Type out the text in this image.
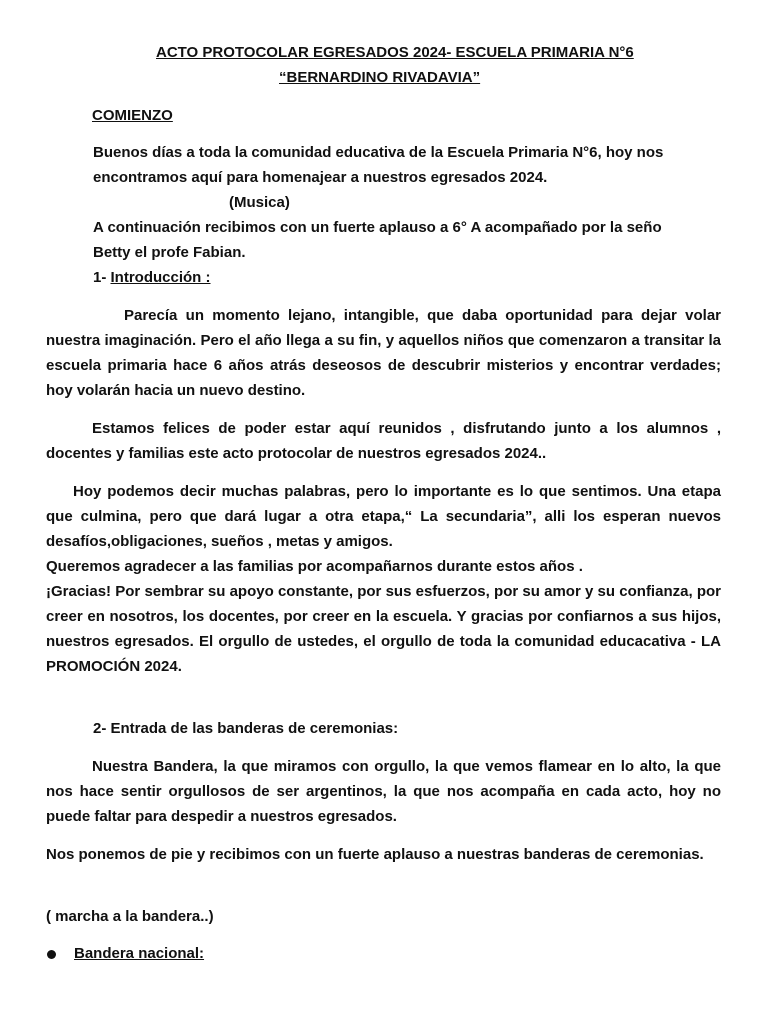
ACTO PROTOCOLAR EGRESADOS 2024- ESCUELA PRIMARIA N°6

“BERNARDINO RIVADAVIA”

COMIENZO

Buenos días a toda la comunidad educativa de la Escuela Primaria N°6, hoy nos

encontramos aquí para homenajear a nuestros egresados 2024.

(Musica)

A continuación recibimos con un fuerte aplauso a 6° A acompañado por la seño

Betty el profe Fabian.

1- Introducción :

Parecía un momento lejano, intangible, que daba oportunidad para dejar volar nuestra imaginación. Pero el año llega a su fin, y aquellos niños que comenzaron a transitar la escuela primaria hace 6 años atrás deseosos de descubrir misterios y encontrar verdades; hoy volarán hacia un nuevo destino.

Estamos felices de poder estar aquí reunidos , disfrutando junto a los alumnos , docentes y familias este acto protocolar de nuestros egresados 2024..

Hoy podemos decir muchas palabras, pero lo importante es lo que sentimos. Una etapa que culmina, pero que dará lugar a otra etapa,“ La secundaria”, alli los esperan nuevos desafíos,obligaciones, sueños , metas y amigos.

Queremos agradecer a las familias por acompañarnos durante estos años .

¡Gracias! Por sembrar su apoyo constante, por sus esfuerzos, por su amor y su confianza, por creer en nosotros, los docentes, por creer en la escuela. Y gracias por confiarnos a sus hijos, nuestros egresados. El orgullo de ustedes, el orgullo de toda la comunidad educacativa - LA PROMOCIÓN 2024.

2- Entrada de las banderas de ceremonias:

Nuestra Bandera, la que miramos con orgullo, la que vemos flamear en lo alto, la que nos hace sentir orgullosos de ser argentinos, la que nos acompaña en cada acto, hoy no puede faltar para despedir a nuestros egresados.

Nos ponemos de pie y recibimos con un fuerte aplauso a nuestras banderas de ceremonias.

( marcha a la bandera..)

Bandera nacional:
